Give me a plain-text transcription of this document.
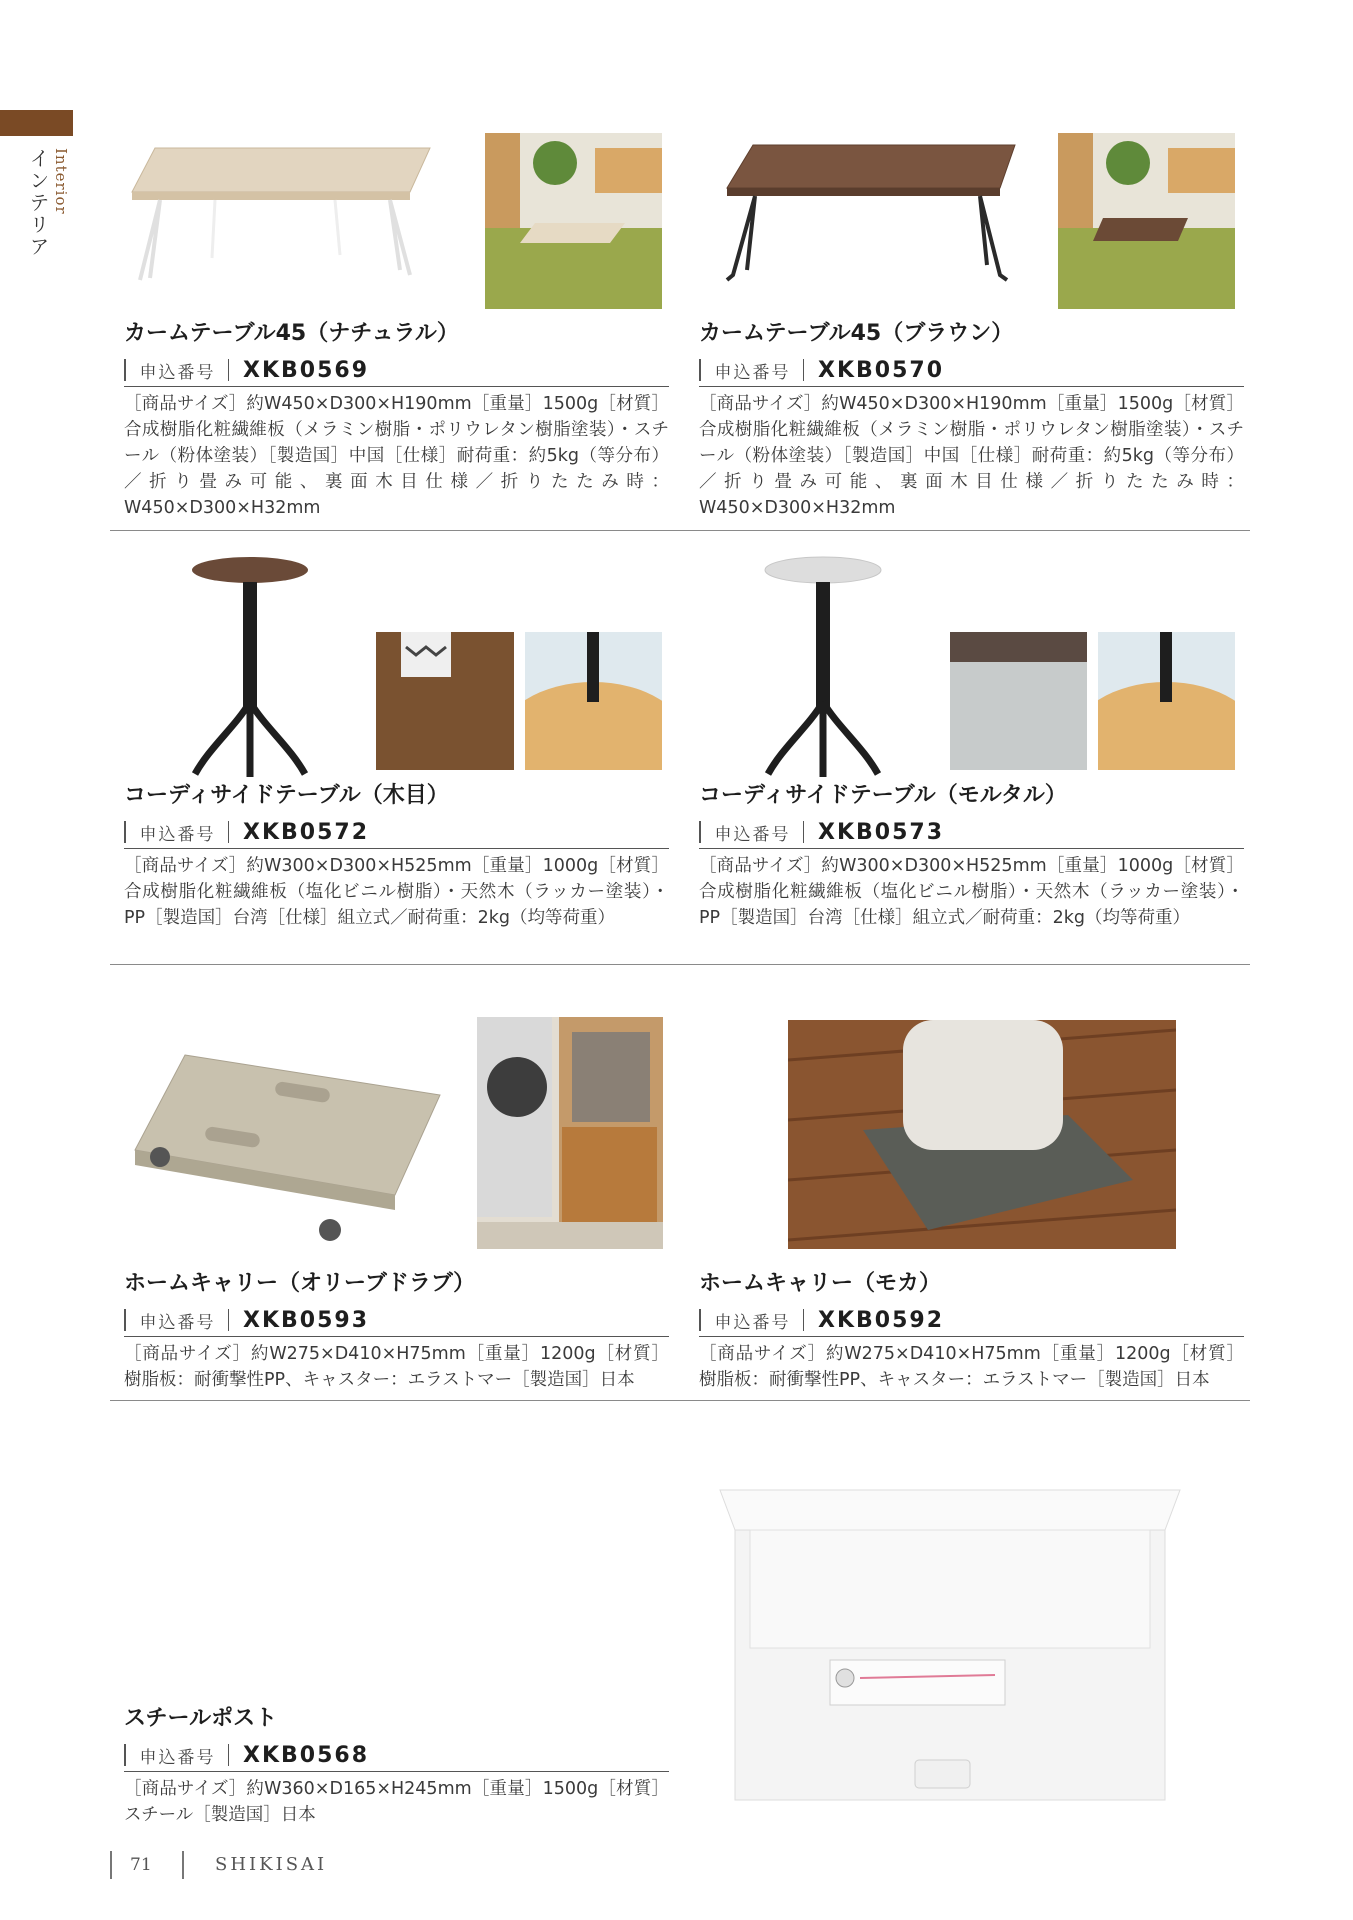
Interior
インテリア
カームテーブル45（ナチュラル）
申込番号	XKB0569
［商品サイズ］約W450×D300×H190mm［重量］1500g［材質］合成樹脂化粧繊維板（メラミン樹脂・ポリウレタン樹脂塗装）・スチール（粉体塗装）［製造国］中国［仕様］耐荷重：約5kg（等分布）／折り畳み可能、裏面木目仕様／折りたたみ時：W450×D300×H32mm
カームテーブル45（ブラウン）
申込番号	XKB0570
［商品サイズ］約W450×D300×H190mm［重量］1500g［材質］合成樹脂化粧繊維板（メラミン樹脂・ポリウレタン樹脂塗装）・スチール（粉体塗装）［製造国］中国［仕様］耐荷重：約5kg（等分布）／折り畳み可能、裏面木目仕様／折りたたみ時：W450×D300×H32mm
コーディサイドテーブル（木目）
申込番号	XKB0572
［商品サイズ］約W300×D300×H525mm［重量］1000g［材質］合成樹脂化粧繊維板（塩化ビニル樹脂）・天然木（ラッカー塗装）・PP［製造国］台湾［仕様］組立式／耐荷重：2kg（均等荷重）
コーディサイドテーブル（モルタル）
申込番号	XKB0573
［商品サイズ］約W300×D300×H525mm［重量］1000g［材質］合成樹脂化粧繊維板（塩化ビニル樹脂）・天然木（ラッカー塗装）・PP［製造国］台湾［仕様］組立式／耐荷重：2kg（均等荷重）
ホームキャリー（オリーブドラブ）
申込番号	XKB0593
［商品サイズ］約W275×D410×H75mm［重量］1200g［材質］樹脂板：耐衝撃性PP、キャスター：エラストマー［製造国］日本
ホームキャリー（モカ）
申込番号	XKB0592
［商品サイズ］約W275×D410×H75mm［重量］1200g［材質］樹脂板：耐衝撃性PP、キャスター：エラストマー［製造国］日本
スチールポスト
申込番号	XKB0568
［商品サイズ］約W360×D165×H245mm［重量］1500g［材質］スチール［製造国］日本
71	SHIKISAI
